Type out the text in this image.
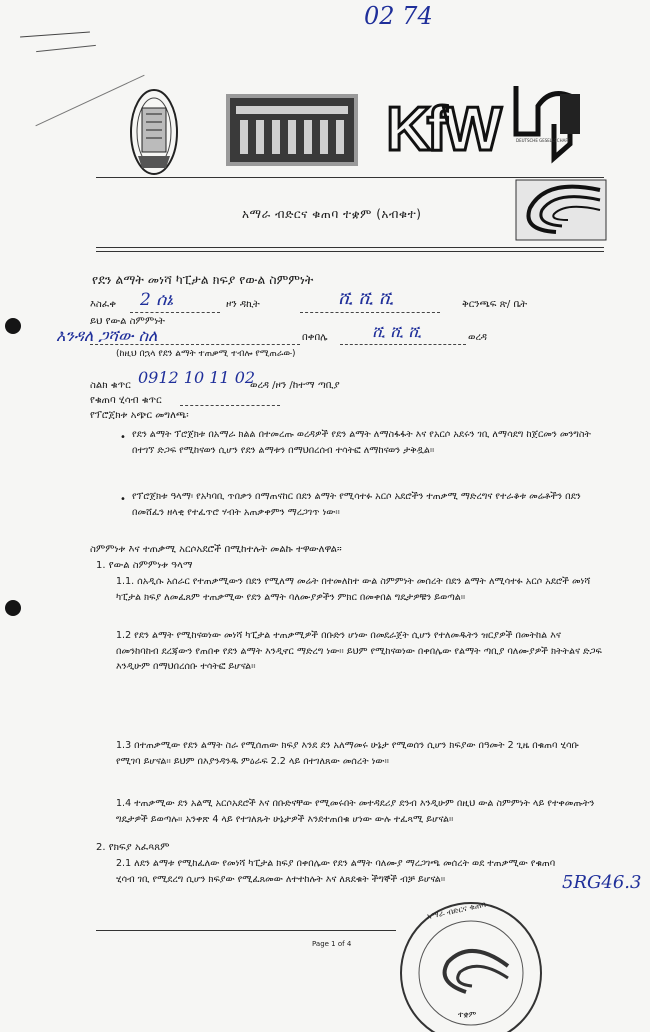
02 74
KfW	DEUTSCHE GESELLSCHAFT
አማራ ብድርና ቁጠባ ተቋም (አብቁተ)
የደን ልማት መነሻ ካፒታል ክፍያ የውል ስምምነት
እስፈቀ 2 ሰኔ	ዞን ዳኪት	ሺ ሺ ሺ	ቅርንጫፍ ጽ/ ቤት
ይህ የውል ስምምነት
እንዳለ ጋሻው ስለ	በቀበሌ	ሺ ሺ ሺ	ወረዳ
(ከዚህ በኋላ የደን ልማት ተጠቃሚ ተብሎ የሚጠራው)
ስልክ ቁጥር 0912 10 11 02
ወረዳ /ዞን /ከተማ ጣቢያ
የቁጠባ ሂሳብ ቁጥር
የፕሮጀክቱ አጭር መግለጫ፡
• የደን ልማት ፕሮጀክቱ በአማራ ክልል በተመረጡ ወረዳዎች የደን ልማት ለማስፋፋት እና የአርሶ አደሩን ገቢ ለማሳደግ ከጀርመን መንግስት በተገኘ ድጋፍ የሚከናወን ሲሆን የደን ልማቱን በማህበረሰብ ተሳትፎ ለማከናወን ታቅዷል።
• የፕሮጀክቱ ዓላማ፡ የአካባቢ ጥበቃን በማጠናከር በደን ልማት የሚሳተፉ አርሶ አደሮችን ተጠቃሚ ማድረግና የተራቆቱ መሬቶችን በደን በመሸፈን ዘላቂ የተፈጥሮ ሃብት አጠቃቀምን ማረጋገጥ ነው።
ስምምነቱ እና ተጠቃሚ አርሶአደሮች በሚከተሉት መልኩ ተዋውለዋል።
1. የውል ስምምነቱ ዓላማ
1.1. ሰአዲሱ አሰራር የተጠቃሚውን በደን የሚለማ መሬት በተመለከተ ውል ስምምነት መሰረት በደን ልማት ለሚሳተፉ አርሶ አደሮች መነሻ ካፒታል ክፍያ ለመፈጸም ተጠቃሚው የደን ልማት ባለሙያዎችን ምክር በመቀበል ግዴታዎቹን ይወጣል።
1.2 የደን ልማት የሚከናወነው መነሻ ካፒታል ተጠቃሚዎች በቡድን ሆነው በመደራጀት ሲሆን የተለመዱትን ዝርያዎች በመትከል እና በመንከባከብ ደረጃውን የጠበቀ የደን ልማት እንዲኖር ማድረግ ነው። ይህም የሚከናወነው በቀበሌው የልማት ጣቢያ ባለሙያዎች ክትትልና ድጋፍ እንዲሁም በማህበረሰቡ ተሳትፎ ይሆናል።
1.3 በተጠቃሚው የደን ልማት ስራ የሚሰጠው ክፍያ እንደ ደን አለማመሩ ሁኔታ የሚወሰን ሲሆን ክፍያው በዓመት 2 ጊዜ በቁጠባ ሂሳቡ የሚገባ ይሆናል። ይህም በእያንዳንዱ ምዕራፍ 2.2 ላይ በተገለጸው መሰረት ነው።
1.4 ተጠቃሚው ደን አልሚ አርሶአደሮች እና በቡድናቸው የሚመሩበት መተዳደሪያ ደንብ እንዲሁም በዚህ ውል ስምምነት ላይ የተቀመጡትን ግዴታዎች ይወጣሉ። አንቀጽ 4 ላይ የተገለጹት ሁኔታዎች እንደተጠበቁ ሆነው ውሉ ተፈጻሚ ይሆናል።
2. የክፍያ አፈጻጸም
2.1 ለደን ልማቱ የሚከፈለው የመነሻ ካፒታል ክፍያ በቀበሌው የደን ልማት ባለሙያ ማረጋገጫ መሰረት ወደ ተጠቃሚው የቁጠባ ሂሳብ ገቢ የሚደረግ ሲሆን ክፍያው የሚፈጸመው ለተተከሉት እና ለጸደቁት ችግኞች ብቻ ይሆናል።	5RG46.3
Page 1 of 4
አማራ ብድርና ቁጠባ
ተቋም
